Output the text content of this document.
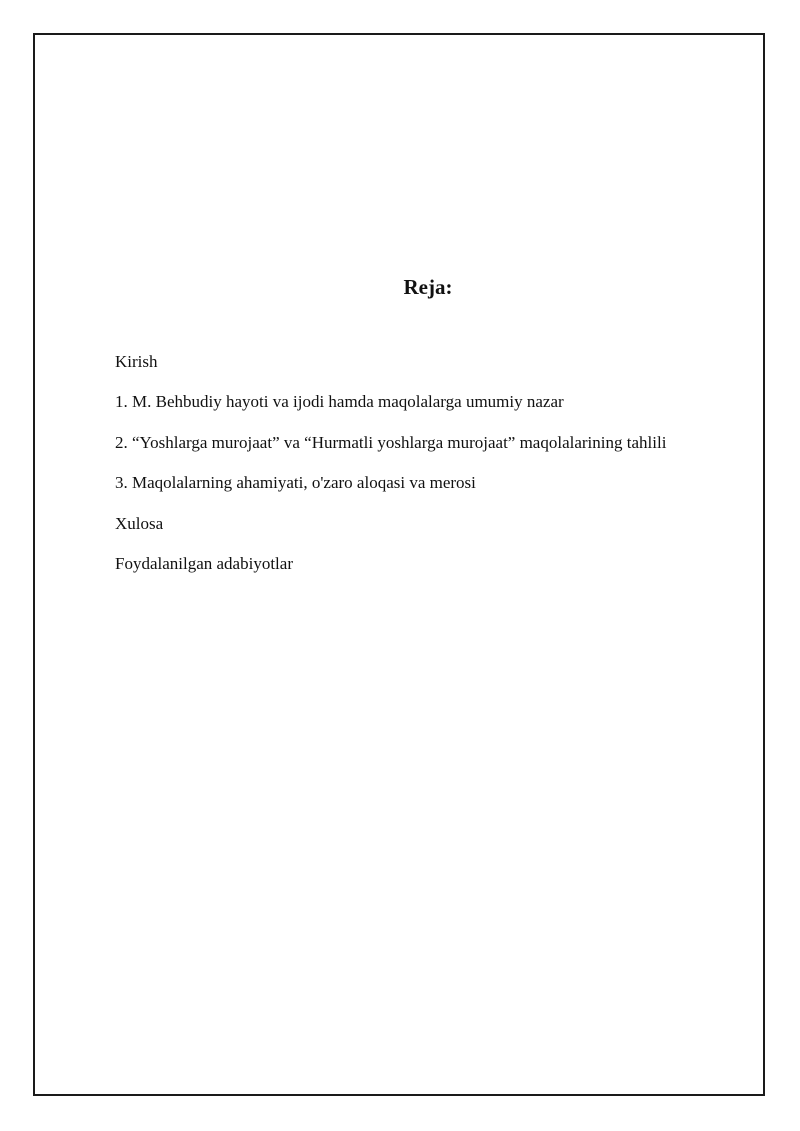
Reja:
Kirish
1. M. Behbudiy hayoti va ijodi hamda maqolalarga umumiy nazar
2. “Yoshlarga murojaat” va “Hurmatli yoshlarga murojaat” maqolalarining tahlili
3. Maqolalarning ahamiyati, o'zaro aloqasi va merosi
Xulosa
Foydalanilgan adabiyotlar
